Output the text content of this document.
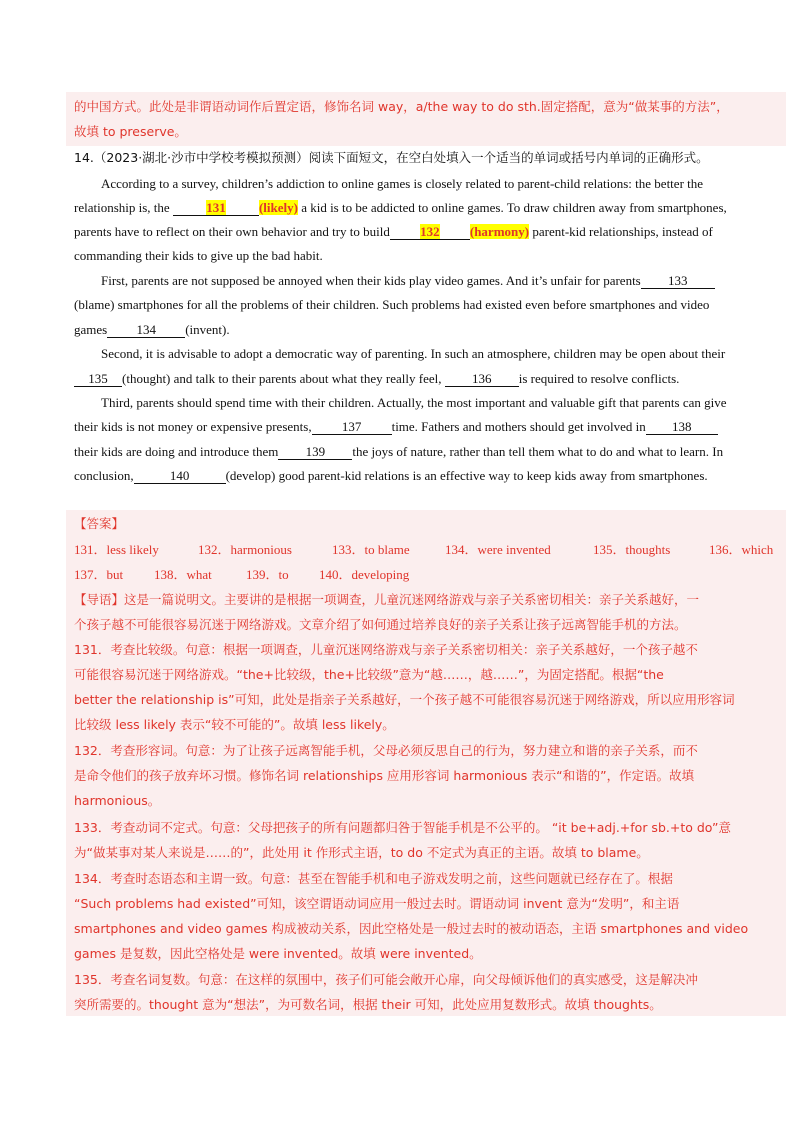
的中国方式。此处是非谓语动词作后置定语，修饰名词 way，a/the way to do sth.固定搭配，意为“做某事的方法”，
故填 to preserve。
14.（2023·湖北·沙市中学校考模拟预测）阅读下面短文，在空白处填入一个适当的单词或括号内单词的正确形式。
According to a survey, children’s addiction to online games is closely related to parent-child relations: the better the
relationship is, the	131	(likely) a kid is to be addicted to online games. To draw children away from smartphones,
parents have to reflect on their own behavior and try to build 132 (harmony) parent-kid relationships, instead of
commanding their kids to give up the bad habit.
First, parents are not supposed be annoyed when their kids play video games. And it’s unfair for parents 133
(blame) smartphones for all the problems of their children. Such problems had existed even before smartphones and video
games 134 (invent).
Second, it is advisable to adopt a democratic way of parenting. In such an atmosphere, children may be open about their
135 (thought) and talk to their parents about what they really feel, 136 is required to resolve conflicts.
Third, parents should spend time with their children. Actually, the most important and valuable gift that parents can give
their kids is not money or expensive presents, 137 time. Fathers and mothers should get involved in 138
their kids are doing and introduce them 139 the joys of nature, rather than tell them what to do and what to learn. In
conclusion,	140	(develop) good parent-kid relations is an effective way to keep kids away from smartphones.
【答案】
131．less likely	132．harmonious	133．to blame	134．were invented	135．thoughts	136．which
137．but 138．what	139．to 140．developing
【导语】这是一篇说明文。主要讲的是根据一项调查，儿童沉迷网络游戏与亲子关系密切相关：亲子关系越好，一
个孩子越不可能很容易沉迷于网络游戏。文章介绍了如何通过培养良好的亲子关系让孩子远离智能手机的方法。
131．考查比较级。句意：根据一项调查，儿童沉迷网络游戏与亲子关系密切相关：亲子关系越好，一个孩子越不
可能很容易沉迷于网络游戏。“the+比较级，the+比较级”意为“越……，越……”，为固定搭配。根据“the
better the relationship is”可知，此处是指亲子关系越好，一个孩子越不可能很容易沉迷于网络游戏，所以应用形容词
比较级 less likely 表示“较不可能的”。故填 less likely。
132．考查形容词。句意：为了让孩子远离智能手机，父母必须反思自己的行为，努力建立和谐的亲子关系，而不
是命令他们的孩子放弃坏习惯。修饰名词 relationships 应用形容词 harmonious 表示“和谐的”，作定语。故填
harmonious。
133．考查动词不定式。句意：父母把孩子的所有问题都归咎于智能手机是不公平的。 “it be+adj.+for sb.+to do”意
为“做某事对某人来说是……的”，此处用 it 作形式主语，to do 不定式为真正的主语。故填 to blame。
134．考查时态语态和主谓一致。句意：甚至在智能手机和电子游戏发明之前，这些问题就已经存在了。根据
“Such problems had existed”可知，该空谓语动词应用一般过去时。谓语动词 invent 意为“发明”，和主语
smartphones and video games 构成被动关系，因此空格处是一般过去时的被动语态，主语 smartphones and video
games 是复数，因此空格处是 were invented。故填 were invented。
135．考查名词复数。句意：在这样的氛围中，孩子们可能会敞开心扉，向父母倾诉他们的真实感受，这是解决冲
突所需要的。thought 意为“想法”，为可数名词，根据 their 可知，此处应用复数形式。故填 thoughts。
